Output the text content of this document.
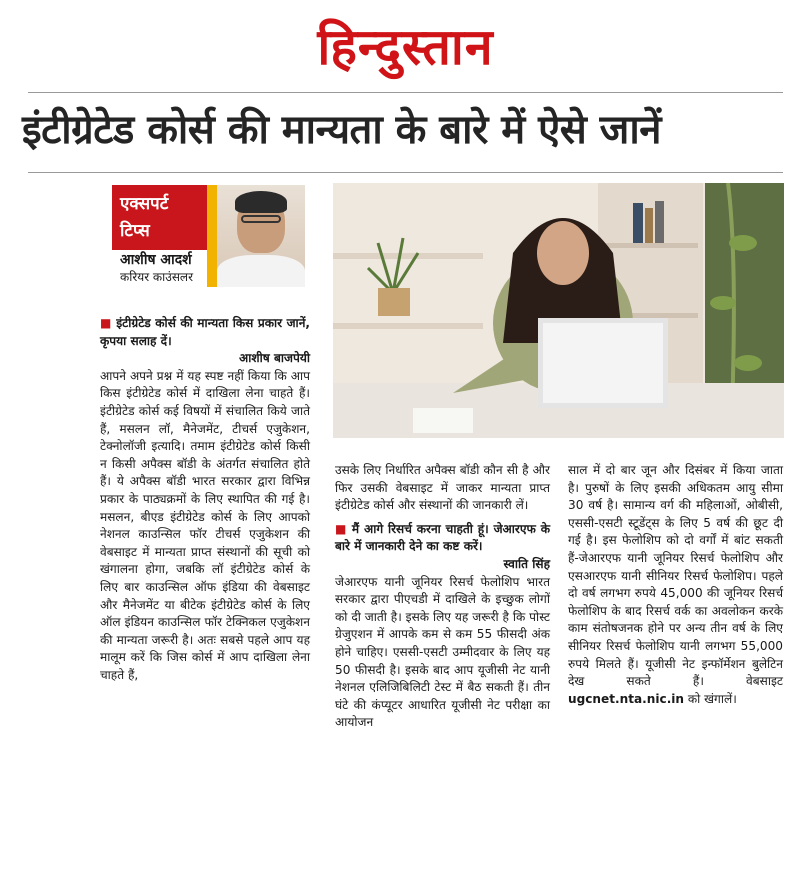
हिन्दुस्तान
इंटीग्रेटेड कोर्स की मान्यता के बारे में ऐसे जानें
एक्सपर्ट
टिप्स
आशीष आदर्श
करियर काउंसलर

■ इंटीग्रेटेड कोर्स की मान्यता किस प्रकार जानें, कृपया सलाह दें।

आशीष बाजपेयी

आपने अपने प्रश्न में यह स्पष्ट नहीं किया कि आप किस इंटीग्रेटेड कोर्स में दाखिला लेना चाहते हैं। इंटीग्रेटेड कोर्स कई विषयों में संचालित किये जाते हैं, मसलन लॉ, मैनेजमेंट, टीचर्स एजुकेशन, टेक्नोलॉजी इत्यादि। तमाम इंटीग्रेटेड कोर्स किसी न किसी अपैक्स बॉडी के अंतर्गत संचालित होते हैं। ये अपैक्स बॉडी भारत सरकार द्वारा विभिन्न प्रकार के पाठ्यक्रमों के लिए स्थापित की गई है। मसलन, बीएड इंटीग्रेटेड कोर्स के लिए आपको नेशनल काउन्सिल फॉर टीचर्स एजुकेशन की वेबसाइट में मान्यता प्राप्त संस्थानों की सूची को खंगालना होगा, जबकि लॉ इंटीग्रेटेड कोर्स के लिए बार काउन्सिल ऑफ इंडिया की वेबसाइट और मैनेजमेंट या बीटेक इंटीग्रेटेड कोर्स के लिए ऑल इंडियन काउन्सिल फॉर टेक्निकल एजुकेशन की मान्यता जरूरी है। अतः सबसे पहले आप यह मालूम करें कि जिस कोर्स में आप दाखिला लेना चाहते हैं,

उसके लिए निर्धारित अपैक्स बॉडी कौन सी है और फिर उसकी वेबसाइट में जाकर मान्यता प्राप्त इंटीग्रेटेड कोर्स और संस्थानों की जानकारी लें।

■ मैं आगे रिसर्च करना चाहती हूं। जेआरएफ के बारे में जानकारी देने का कष्ट करें।

स्वाति सिंह

जेआरएफ यानी जूनियर रिसर्च फेलोशिप भारत सरकार द्वारा पीएचडी में दाखिले के इच्छुक लोगों को दी जाती है। इसके लिए यह जरूरी है कि पोस्ट ग्रेजुएशन में आपके कम से कम 55 फीसदी अंक होने चाहिए। एससी-एसटी उम्मीदवार के लिए यह 50 फीसदी है। इसके बाद आप यूजीसी नेट यानी नेशनल एलिजिबिलिटी टेस्ट में बैठ सकती हैं। तीन घंटे की कंप्यूटर आधारित यूजीसी नेट परीक्षा का आयोजन

साल में दो बार जून और दिसंबर में किया जाता है। पुरुषों के लिए इसकी अधिकतम आयु सीमा 30 वर्ष है। सामान्य वर्ग की महिलाओं, ओबीसी, एससी-एसटी स्टूडेंट्स के लिए 5 वर्ष की छूट दी गई है। इस फेलोशिप को दो वर्गों में बांट सकती हैं-जेआरएफ यानी जूनियर रिसर्च फेलोशिप और एसआरएफ यानी सीनियर रिसर्च फेलोशिप। पहले दो वर्ष लगभग रुपये 45,000 की जूनियर रिसर्च फेलोशिप के बाद रिसर्च वर्क का अवलोकन करके काम संतोषजनक होने पर अन्य तीन वर्ष के लिए सीनियर रिसर्च फेलोशिप यानी लगभग 55,000 रुपये मिलते हैं। यूजीसी नेट इन्फॉर्मेशन बुलेटिन देख सकते हैं। वेबसाइट ugcnet.nta.nic.in को खंगालें।
